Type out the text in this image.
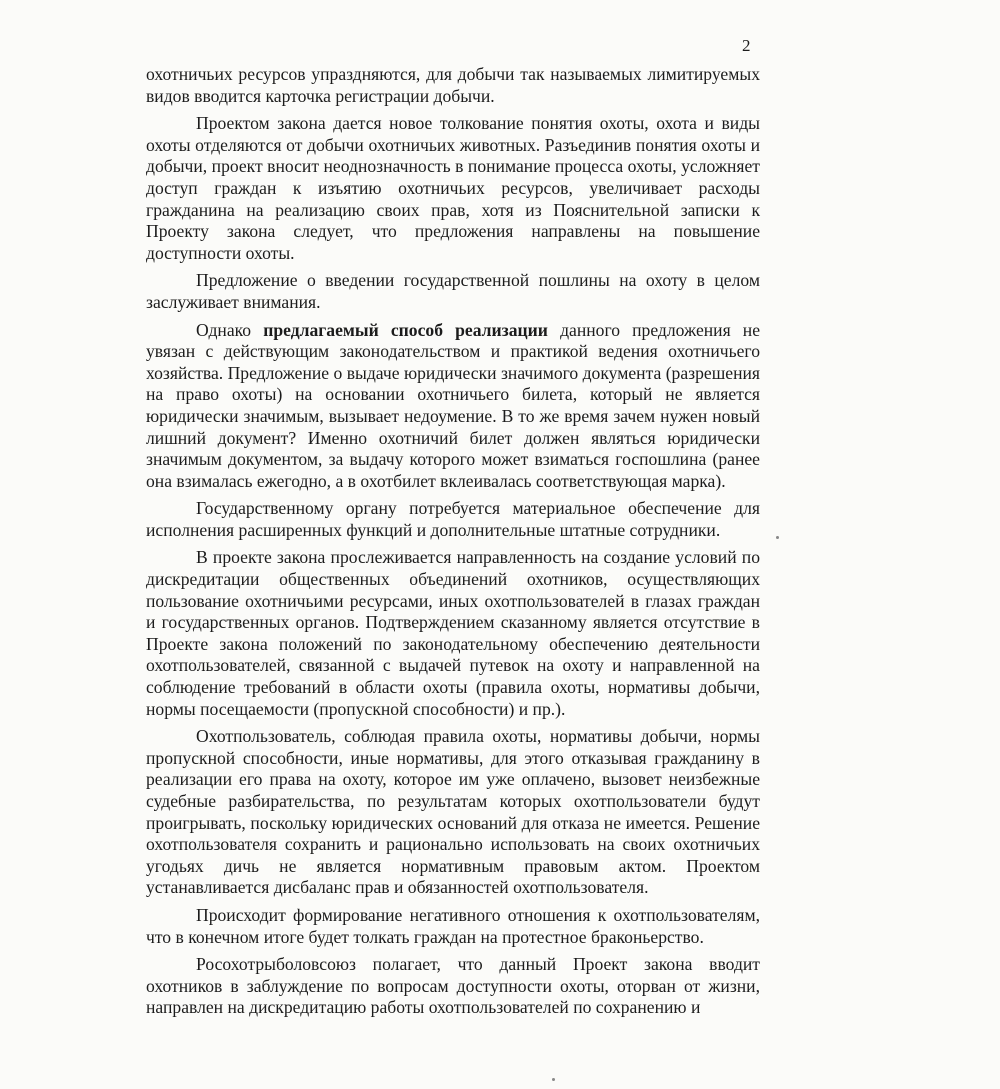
2

охотничьих ресурсов упраздняются, для добычи так называемых лимитируемых видов вводится карточка регистрации добычи.

Проектом закона дается новое толкование понятия охоты, охота и виды охоты отделяются от добычи охотничьих животных. Разъединив понятия охоты и добычи, проект вносит неоднозначность в понимание процесса охоты, усложняет доступ граждан к изъятию охотничьих ресурсов, увеличивает расходы гражданина на реализацию своих прав, хотя из Пояснительной записки к Проекту закона следует, что предложения направлены на повышение доступности охоты.

Предложение о введении государственной пошлины на охоту в целом заслуживает внимания.

Однако предлагаемый способ реализации данного предложения не увязан с действующим законодательством и практикой ведения охотничьего хозяйства. Предложение о выдаче юридически значимого документа (разрешения на право охоты) на основании охотничьего билета, который не является юридически значимым, вызывает недоумение. В то же время зачем нужен новый лишний документ? Именно охотничий билет должен являться юридически значимым документом, за выдачу которого может взиматься госпошлина (ранее она взималась ежегодно, а в охотбилет вклеивалась соответствующая марка).

Государственному органу потребуется материальное обеспечение для исполнения расширенных функций и дополнительные штатные сотрудники.

В проекте закона прослеживается направленность на создание условий по дискредитации общественных объединений охотников, осуществляющих пользование охотничьими ресурсами, иных охотпользователей в глазах граждан и государственных органов. Подтверждением сказанному является отсутствие в Проекте закона положений по законодательному обеспечению деятельности охотпользователей, связанной с выдачей путевок на охоту и направленной на соблюдение требований в области охоты (правила охоты, нормативы добычи, нормы посещаемости (пропускной способности) и пр.).

Охотпользователь, соблюдая правила охоты, нормативы добычи, нормы пропускной способности, иные нормативы, для этого отказывая гражданину в реализации его права на охоту, которое им уже оплачено, вызовет неизбежные судебные разбирательства, по результатам которых охотпользователи будут проигрывать, поскольку юридических оснований для отказа не имеется. Решение охотпользователя сохранить и рационально использовать на своих охотничьих угодьях дичь не является нормативным правовым актом. Проектом устанавливается дисбаланс прав и обязанностей охотпользователя.

Происходит формирование негативного отношения к охотпользователям, что в конечном итоге будет толкать граждан на протестное браконьерство.

Росохотрыболовсоюз полагает, что данный Проект закона вводит охотников в заблуждение по вопросам доступности охоты, оторван от жизни, направлен на дискредитацию работы охотпользователей по сохранению и
